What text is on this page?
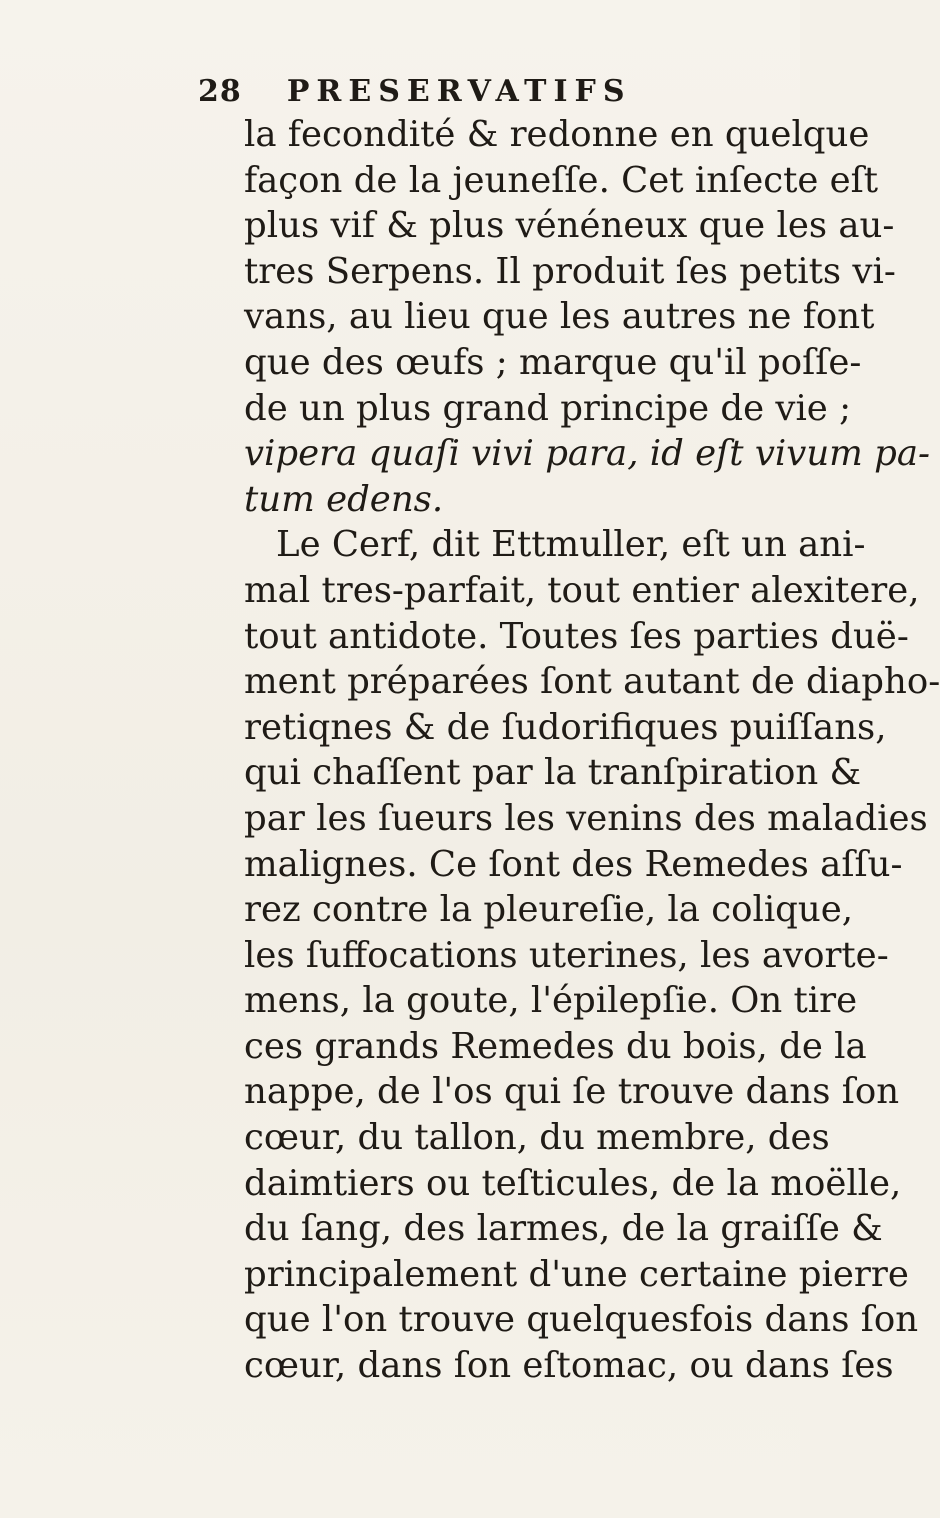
28 PRESERVATIFS
la fecondité & redonne en quelque
façon de la jeuneſſe. Cet inſecte eſt
plus vif & plus vénéneux que les au-
tres Serpens. Il produit ſes petits vi-
vans, au lieu que les autres ne font
que des œufs ; marque qu'il poſſe-
de un plus grand principe de vie ;
vipera quaſi vivi para, id eſt vivum pa-
tum edens.
Le Cerf, dit Ettmuller, eſt un ani-
mal tres-parfait, tout entier alexitere,
tout antidote. Toutes ſes parties duë-
ment préparées ſont autant de diapho-
retiqnes & de ſudorifiques puiſſans,
qui chaſſent par la tranſpiration &
par les ſueurs les venins des maladies
malignes. Ce ſont des Remedes aſſu-
rez contre la pleureſie, la colique,
les ſuffocations uterines, les avorte-
mens, la goute, l'épilepſie. On tire
ces grands Remedes du bois, de la
nappe, de l'os qui ſe trouve dans ſon
cœur, du tallon, du membre, des
daimtiers ou teſticules, de la moëlle,
du ſang, des larmes, de la graiſſe &
principalement d'une certaine pierre
que l'on trouve quelquesfois dans ſon
cœur, dans ſon eſtomac, ou dans ſes
